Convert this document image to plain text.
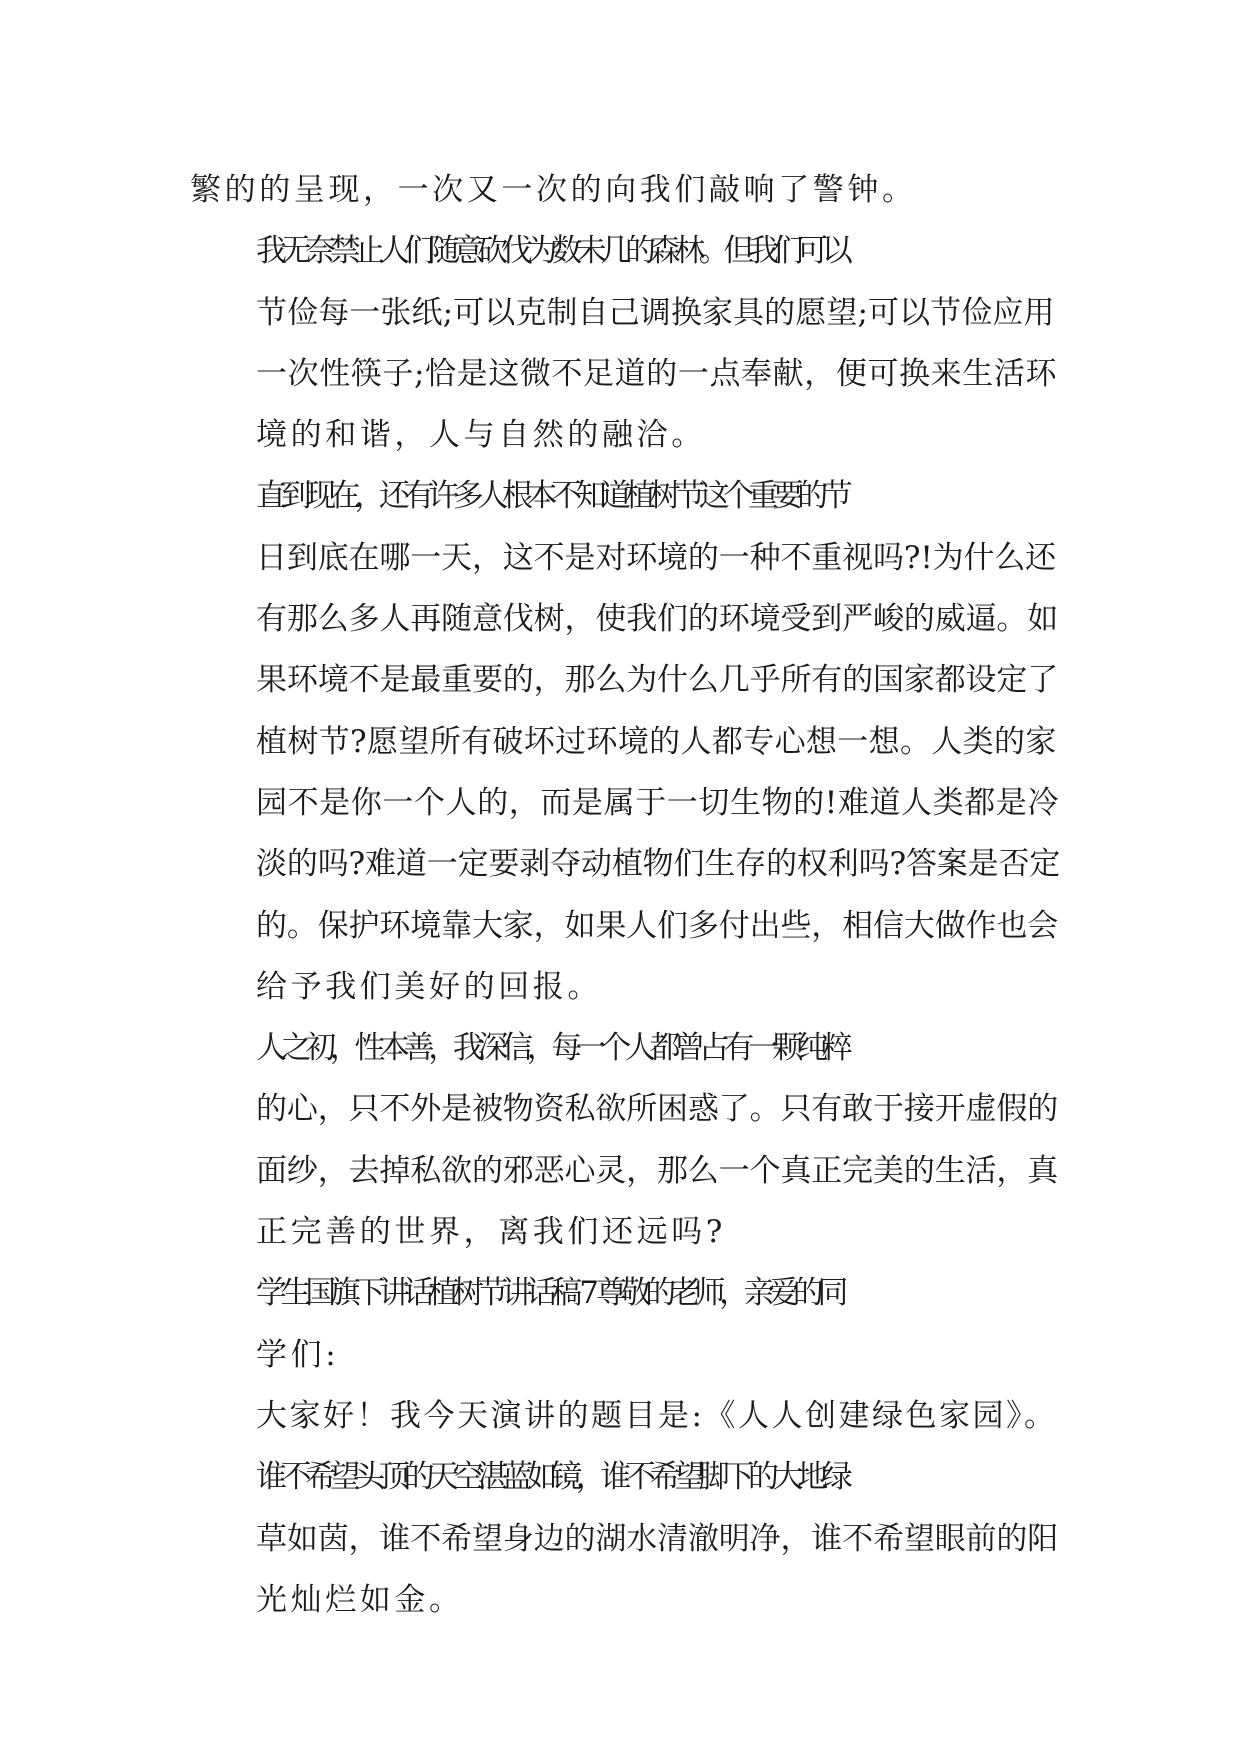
繁的的呈现，一次又一次的向我们敲响了警钟。

我无奈禁止人们随意砍伐为数未几的森林。但我们可以
节俭每一张纸;可以克制自己调换家具的愿望;可以节俭应用
一次性筷子;恰是这微不足道的一点奉献，便可换来生活环
境的和谐，人与自然的融洽。

直到现在，还有许多人根本不知道植树节这个重要的节
日到底在哪一天，这不是对环境的一种不重视吗?!为什么还
有那么多人再随意伐树，使我们的环境受到严峻的威逼。如
果环境不是最重要的，那么为什么几乎所有的国家都设定了
植树节?愿望所有破坏过环境的人都专心想一想。人类的家
园不是你一个人的，而是属于一切生物的!难道人类都是冷
淡的吗?难道一定要剥夺动植物们生存的权利吗?答案是否定
的。保护环境靠大家，如果人们多付出些，相信大做作也会
给予我们美好的回报。

人之初，性本善，我深信，每一个人都曾占有一颗纯粹
的心，只不外是被物资私欲所困惑了。只有敢于接开虚假的
面纱，去掉私欲的邪恶心灵，那么一个真正完美的生活，真
正完善的世界，离我们还远吗?

学生国旗下讲话植树节讲话稿 7 尊敬的老师，亲爱的同
学们:

大家好！我今天演讲的题目是:《人人创建绿色家园》。

谁不希望头顶的天空湛蓝如镜，谁不希望脚下的大地绿
草如茵，谁不希望身边的湖水清澈明净，谁不希望眼前的阳
光灿烂如金。
